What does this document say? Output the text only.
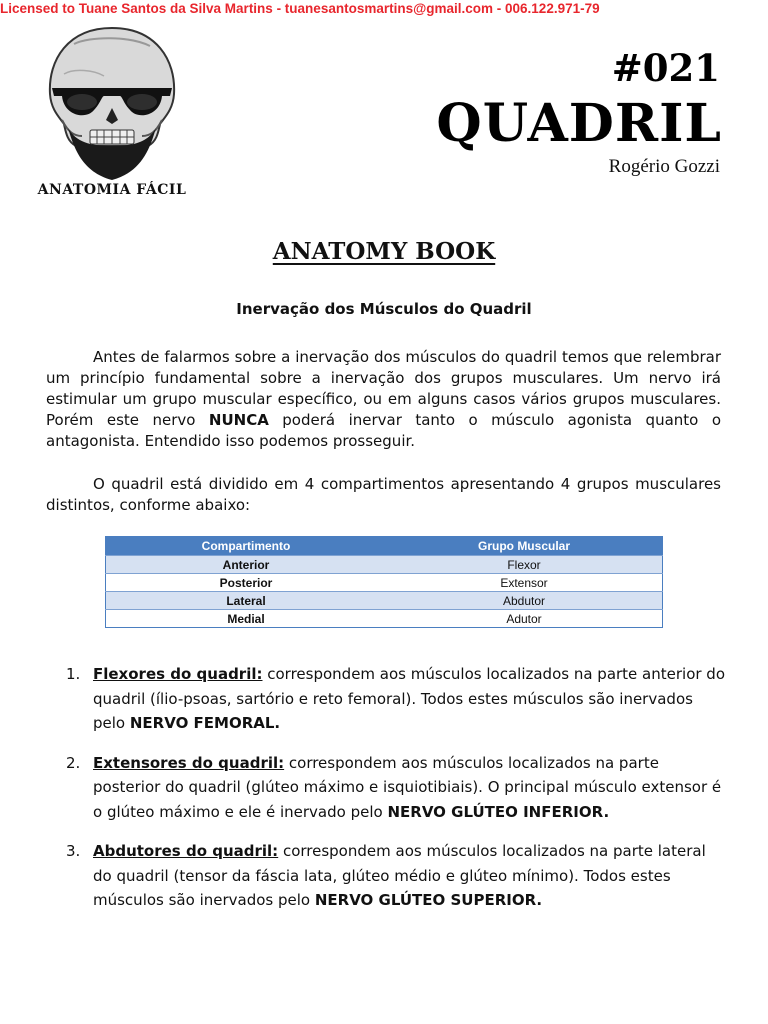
Licensed to Tuane Santos da Silva Martins - tuanesantosmartins@gmail.com - 006.122.971-79
ANATOMIA FÁCIL
#021
QUADRIL
Rogério Gozzi
ANATOMY BOOK
Inervação dos Músculos do Quadril

Antes de falarmos sobre a inervação dos músculos do quadril temos que relembrar um princípio fundamental sobre a inervação dos grupos musculares. Um nervo irá estimular um grupo muscular específico, ou em alguns casos vários grupos musculares. Porém este nervo NUNCA poderá inervar tanto o músculo agonista quanto o antagonista. Entendido isso podemos prosseguir.

O quadril está dividido em 4 compartimentos apresentando 4 grupos musculares distintos, conforme abaixo:

Compartimento	Grupo Muscular
Anterior	Flexor
Posterior	Extensor
Lateral	Abdutor
Medial	Adutor
1. Flexores do quadril: correspondem aos músculos localizados na parte anterior do quadril (ílio-psoas, sartório e reto femoral). Todos estes músculos são inervados pelo NERVO FEMORAL.
2. Extensores do quadril: correspondem aos músculos localizados na parte posterior do quadril (glúteo máximo e isquiotibiais). O principal músculo extensor é o glúteo máximo e ele é inervado pelo NERVO GLÚTEO INFERIOR.
3. Abdutores do quadril: correspondem aos músculos localizados na parte lateral do quadril (tensor da fáscia lata, glúteo médio e glúteo mínimo). Todos estes músculos são inervados pelo NERVO GLÚTEO SUPERIOR.
